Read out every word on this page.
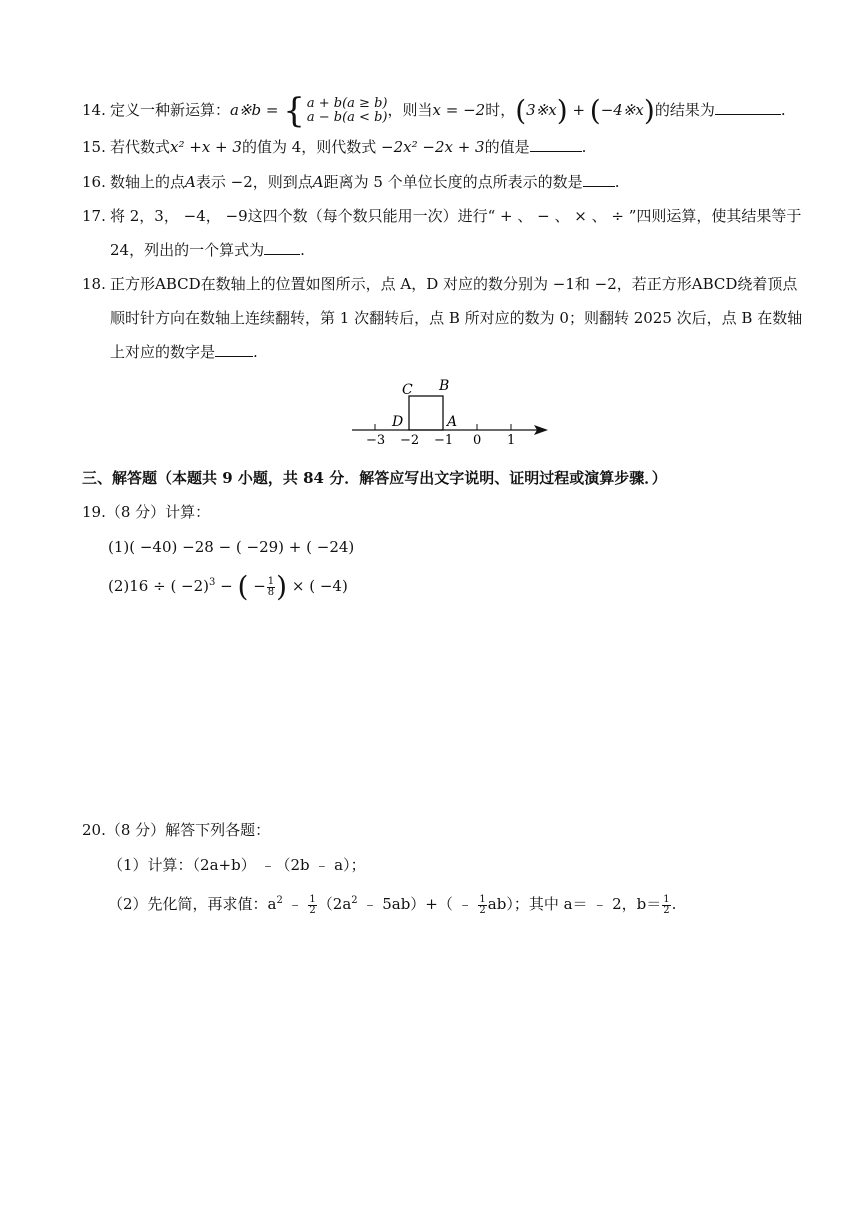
14. 定义一种新运算：a※b = { a + b(a ≥ b)
a − b(a < b) ，则当x = −2时，(3※x) + (−4※x)的结果为	.
15. 若代数式x² +x + 3的值为 4，则代数式 −2x² −2x + 3的值是	.
16. 数轴上的点A表示 −2，则到点A距离为 5 个单位长度的点所表示的数是 .
17. 将 2，3， −4， −9这四个数（每个数只能用一次）进行“ + 、 − 、 × 、 ÷ ”四则运算，使其结果等于
24，列出的一个算式为 .
18. 正方形ABCD在数轴上的位置如图所示，点 A，D 对应的数分别为 −1和 −2，若正方形ABCD绕着顶点
顺时针方向在数轴上连续翻转，第 1 次翻转后，点 B 所对应的数为 0；则翻转 2025 次后，点 B 在数轴
上对应的数字是	.
C B
D	A
−3 −2 −1 0 1
三、解答题（本题共 9 小题，共 84 分．解答应写出文字说明、证明过程或演算步骤．）
19.（8 分）计算：
(1)( −40) −28 − ( −29) + ( −24)
(2)16 ÷ ( −2)$^3$ − ( − $\frac{1}{8}$ ) × ( −4)
20.（8 分）解答下列各题：
（1）计算：（2a+b） ﹣（2b ﹣ a）；
（2）先化简，再求值：$a^2$ ﹣ $\frac{1}{2} (2a^2$ ﹣ 5ab）+（ ﹣ $\frac{1}{2} ab$）；其中 a＝ ﹣ 2，$b= \frac{1}{2}$ .
